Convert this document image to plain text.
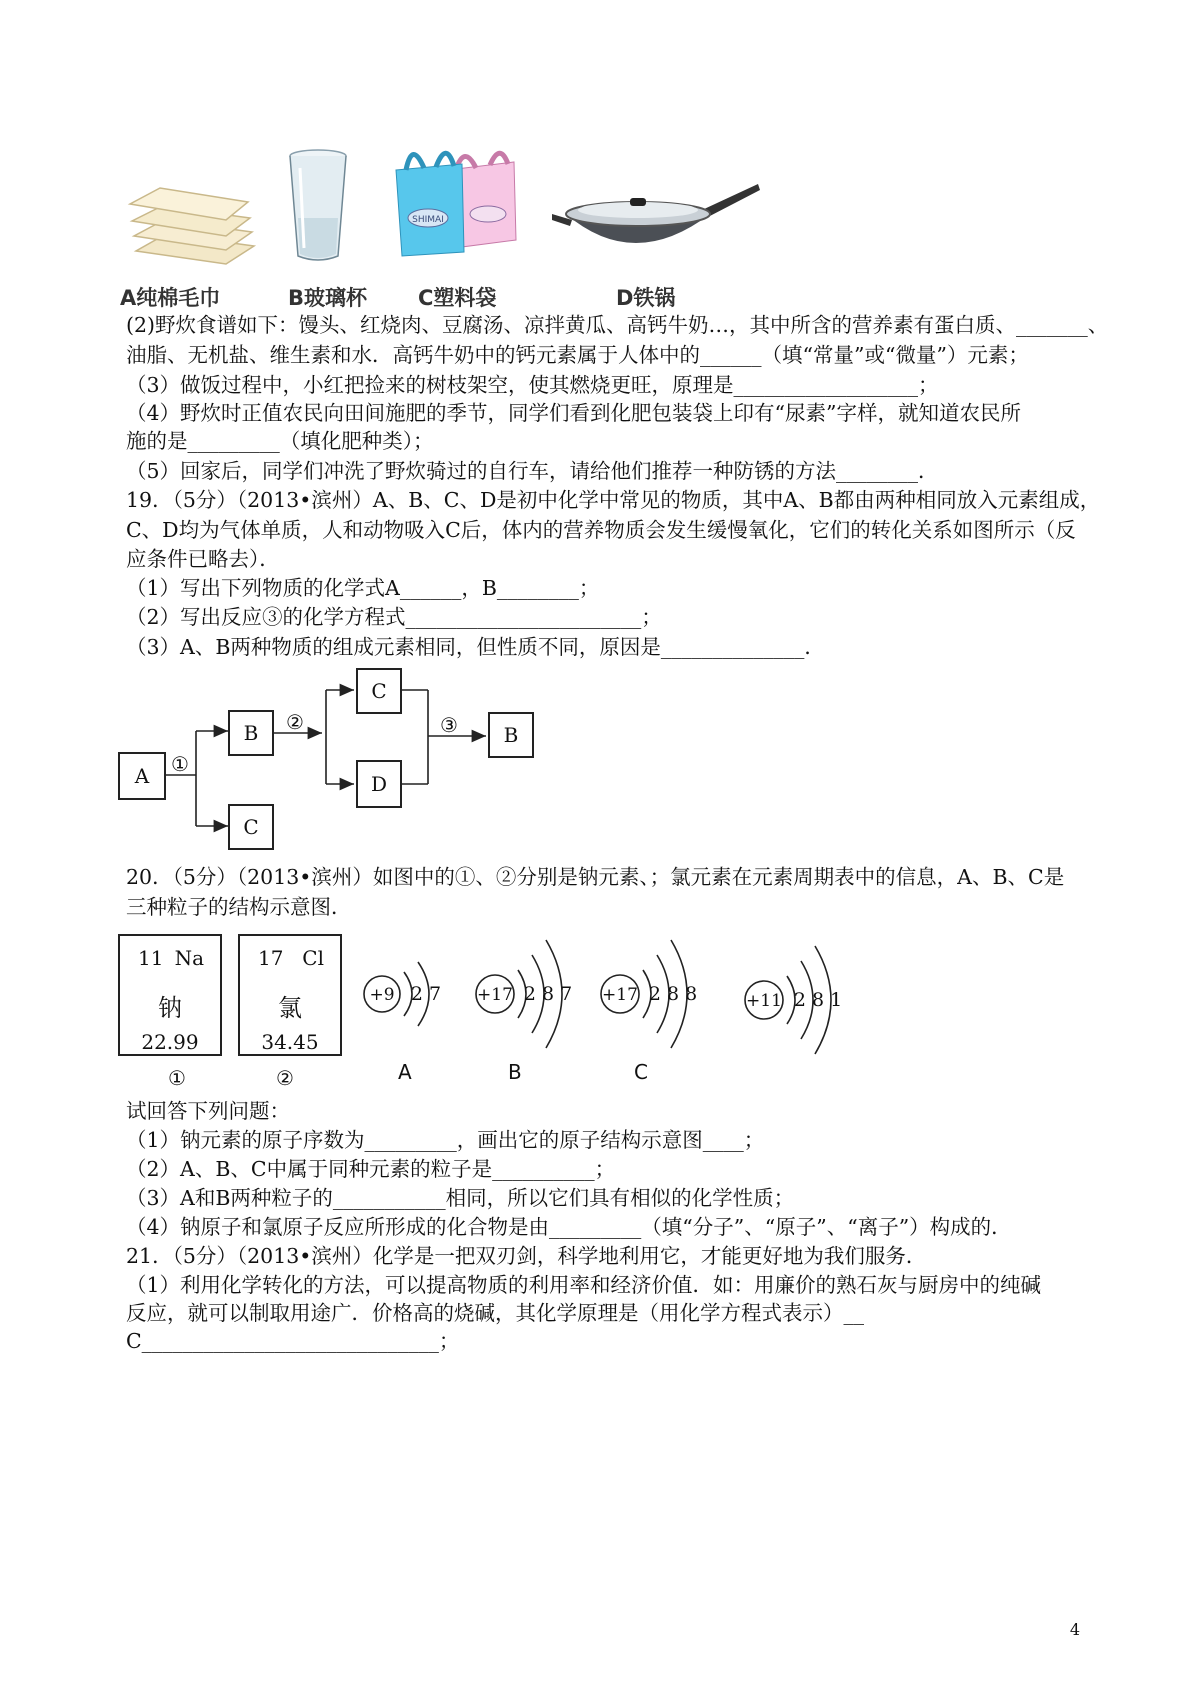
SHIMAI
A纯棉毛巾	B玻璃杯 C塑料袋	D铁锅
(2)野炊食谱如下：馒头、红烧肉、豆腐汤、凉拌黄瓜、高钙牛奶…，其中所含的营养素有蛋白质、_______、
油脂、无机盐、维生素和水．高钙牛奶中的钙元素属于人体中的______（填“常量”或“微量”）元素；
（3）做饭过程中，小红把捡来的树枝架空，使其燃烧更旺，原理是__________________；
（4）野炊时正值农民向田间施肥的季节，同学们看到化肥包装袋上印有“尿素”字样，就知道农民所
施的是_________（填化肥种类）；
（5）回家后，同学们冲洗了野炊骑过的自行车，请给他们推荐一种防锈的方法________．
19．（5分）（2013•滨州）A、B、C、D是初中化学中常见的物质，其中A、B都由两种相同放入元素组成，
C、D均为气体单质，人和动物吸入C后，体内的营养物质会发生缓慢氧化，它们的转化关系如图所示（反
应条件已略去）．
（1）写出下列物质的化学式A______，B________；
（2）写出反应③的化学方程式_______________________；
（3）A、B两种物质的组成元素相同，但性质不同，原因是______________．
A
B
C
C
D
B
①
②	③
20．（5分）（2013•滨州）如图中的①、②分别是钠元素、；氯元素在元素周期表中的信息，A、B、C是
三种粒子的结构示意图．
11 Na
钠
22.99
17 Cl
氯
34.45
①	②
+9 2 7 +17 2 8 7 +17 2 8 8	+11 2 8 1
A	B	C
试回答下列问题：
（1）钠元素的原子序数为_________，画出它的原子结构示意图____；
（2）A、B、C中属于同种元素的粒子是__________；
（3）A和B两种粒子的___________相同，所以它们具有相似的化学性质；
（4）钠原子和氯原子反应所形成的化合物是由_________（填“分子”、“原子”、“离子”）构成的．
21．（5分）（2013•滨州）化学是一把双刃剑，科学地利用它，才能更好地为我们服务．
（1）利用化学转化的方法，可以提高物质的利用率和经济价值．如：用廉价的熟石灰与厨房中的纯碱
反应，就可以制取用途广．价格高的烧碱，其化学原理是（用化学方程式表示）__
C_____________________________；
4
